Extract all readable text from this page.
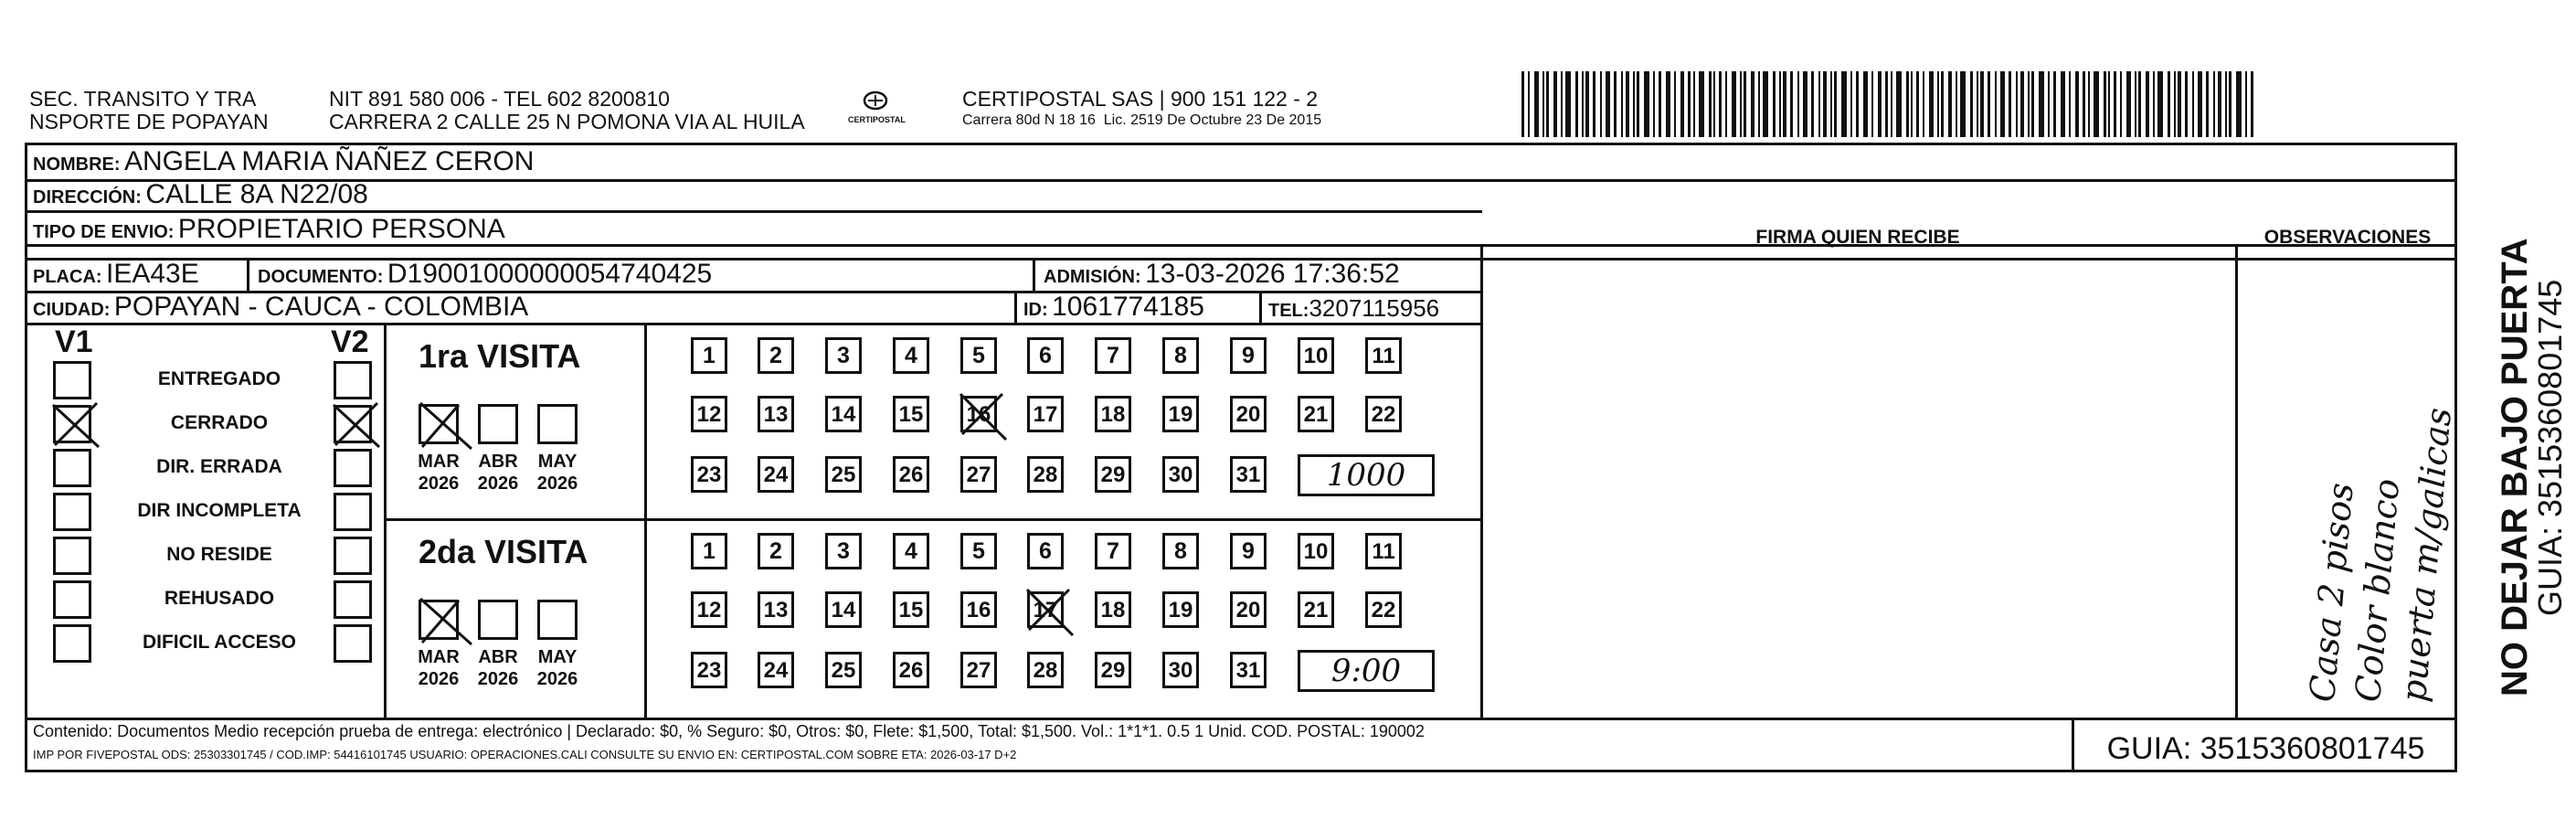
SEC. TRANSITO Y TRA
NSPORTE DE POPAYAN
NIT 891 580 006 - TEL 602 8200810
CARRERA 2 CALLE 25 N POMONA VIA AL HUILA	CERTIPOSTAL
CERTIPOSTAL SAS | 900 151 122 - 2
Carrera 80d N 18 16  Lic. 2519 De Octubre 23 De 2015
NOMBRE: ANGELA MARIA ÑAÑEZ CERON
DIRECCIÓN: CALLE 8A N22/08
TIPO DE ENVIO: PROPIETARIO PERSONA
PLACA: IEA43E	DOCUMENTO: D19001000000054740425	ADMISIÓN: 13-03-2026 17:36:52
CIUDAD: POPAYAN - CAUCA - COLOMBIA	ID: 1061774185	TEL:3207115956
FIRMA QUIEN RECIBE	OBSERVACIONES
Casa 2 pisos
Color blanco
puerta m/galicas
V1	V2
ENTREGADO
CERRADO
DIR. ERRADA
DIR INCOMPLETA
NO RESIDE
REHUSADO
DIFICIL ACCESO
1ra VISITA
MAR
2026
ABR
2026
MAY
2026
1	2	3	4	5	6	7	8	9	10	11
12 13 14 15 16 17 18 19 20 21 22
23 24 25 26 27 28 29 30 31	1000
2da VISITA
MAR
2026
ABR
2026
MAY
2026
1	2	3	4	5	6	7	8	9	10	11
12 13 14 15 16 17 18 19 20 21 22
23 24 25 26 27 28 29 30 31	9:00
Contenido: Documentos Medio recepción prueba de entrega: electrónico | Declarado: $0, % Seguro: $0, Otros: $0, Flete: $1,500, Total: $1,500. Vol.: 1*1*1. 0.5 1 Unid. COD. POSTAL: 190002
IMP POR FIVEPOSTAL ODS: 25303301745 / COD.IMP: 54416101745 USUARIO: OPERACIONES.CALI CONSULTE SU ENVIO EN: CERTIPOSTAL.COM SOBRE ETA: 2026-03-17 D+2	GUIA: 3515360801745
NO DEJAR BAJO PUERTA
GUIA: 3515360801745
